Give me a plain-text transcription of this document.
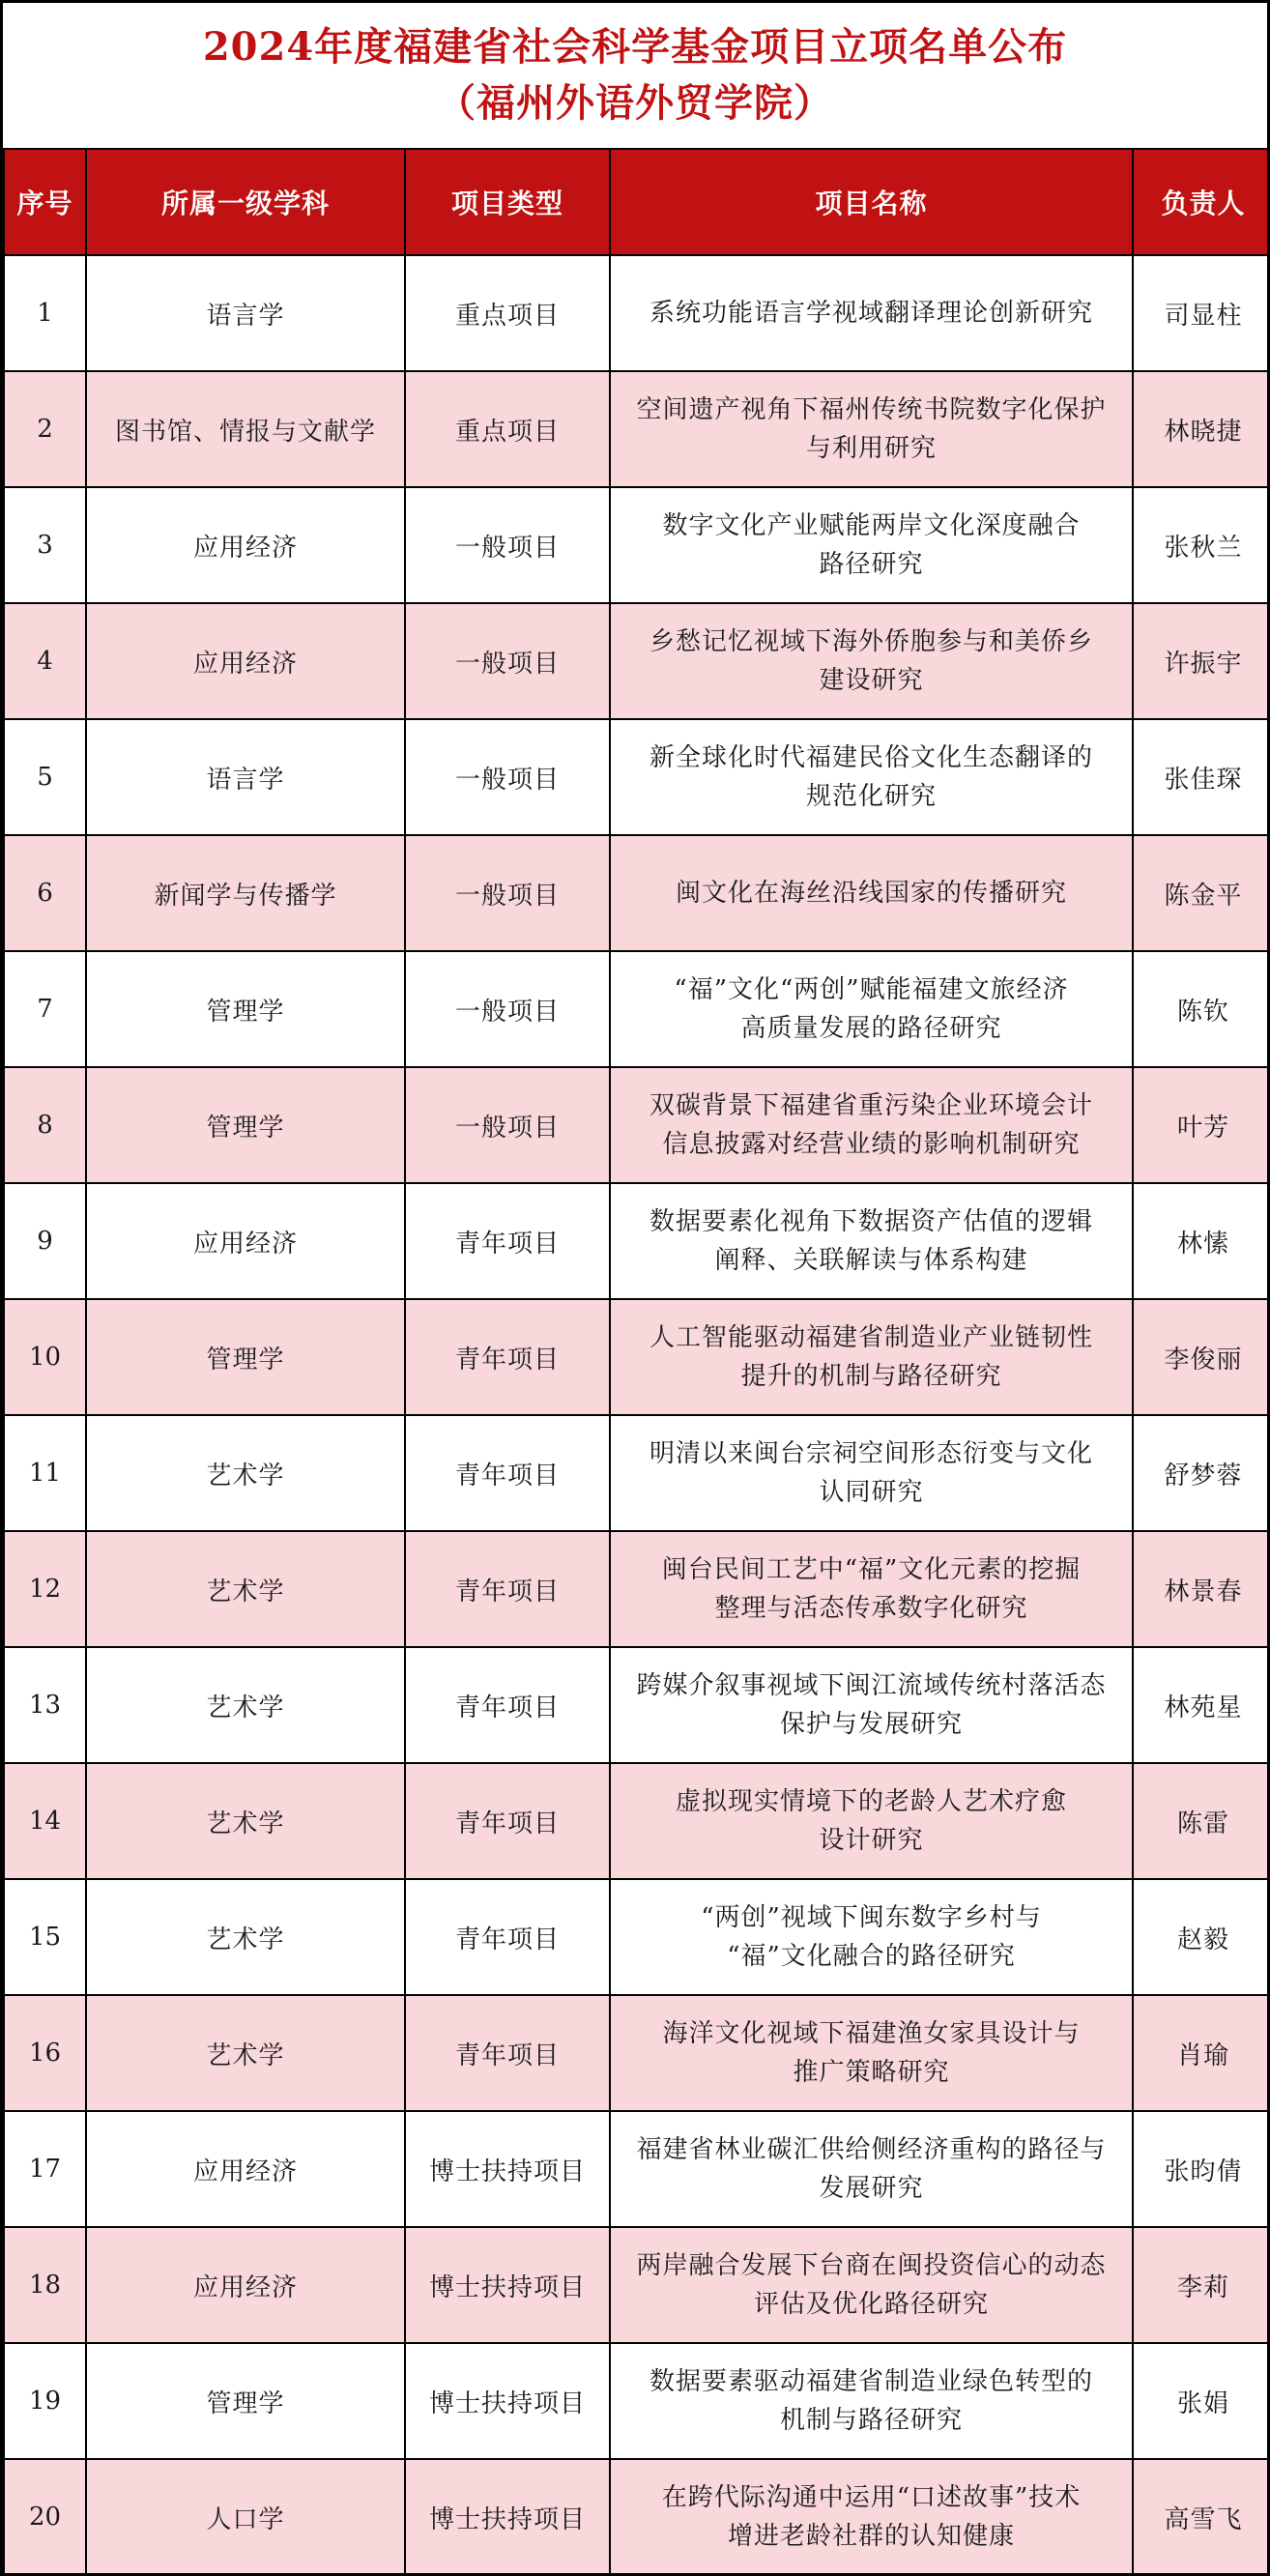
2024年度福建省社会科学基金项目立项名单公布
（福州外语外贸学院）
序号	所属一级学科	项目类型	项目名称	负责人
1	语言学	重点项目	系统功能语言学视域翻译理论创新研究	司显柱
2	图书馆、情报与文献学	重点项目	空间遗产视角下福州传统书院数字化保护
与利用研究	林晓捷
3	应用经济	一般项目	数字文化产业赋能两岸文化深度融合
路径研究	张秋兰
4	应用经济	一般项目	乡愁记忆视域下海外侨胞参与和美侨乡
建设研究	许振宇
5	语言学	一般项目	新全球化时代福建民俗文化生态翻译的
规范化研究	张佳琛
6	新闻学与传播学	一般项目	闽文化在海丝沿线国家的传播研究	陈金平
7	管理学	一般项目	“福”文化“两创”赋能福建文旅经济
高质量发展的路径研究	陈钦
8	管理学	一般项目	双碳背景下福建省重污染企业环境会计
信息披露对经营业绩的影响机制研究	叶芳
9	应用经济	青年项目	数据要素化视角下数据资产估值的逻辑
阐释、关联解读与体系构建	林愫
10	管理学	青年项目	人工智能驱动福建省制造业产业链韧性
提升的机制与路径研究	李俊丽
11	艺术学	青年项目	明清以来闽台宗祠空间形态衍变与文化
认同研究	舒梦蓉
12	艺术学	青年项目	闽台民间工艺中“福”文化元素的挖掘
整理与活态传承数字化研究	林景春
13	艺术学	青年项目	跨媒介叙事视域下闽江流域传统村落活态
保护与发展研究	林苑星
14	艺术学	青年项目	虚拟现实情境下的老龄人艺术疗愈
设计研究	陈雷
15	艺术学	青年项目	“两创”视域下闽东数字乡村与
“福”文化融合的路径研究	赵毅
16	艺术学	青年项目	海洋文化视域下福建渔女家具设计与
推广策略研究	肖瑜
17	应用经济	博士扶持项目	福建省林业碳汇供给侧经济重构的路径与
发展研究	张昀倩
18	应用经济	博士扶持项目	两岸融合发展下台商在闽投资信心的动态
评估及优化路径研究	李莉
19	管理学	博士扶持项目	数据要素驱动福建省制造业绿色转型的
机制与路径研究	张娟
20	人口学	博士扶持项目	在跨代际沟通中运用“口述故事”技术
增进老龄社群的认知健康	高雪飞
